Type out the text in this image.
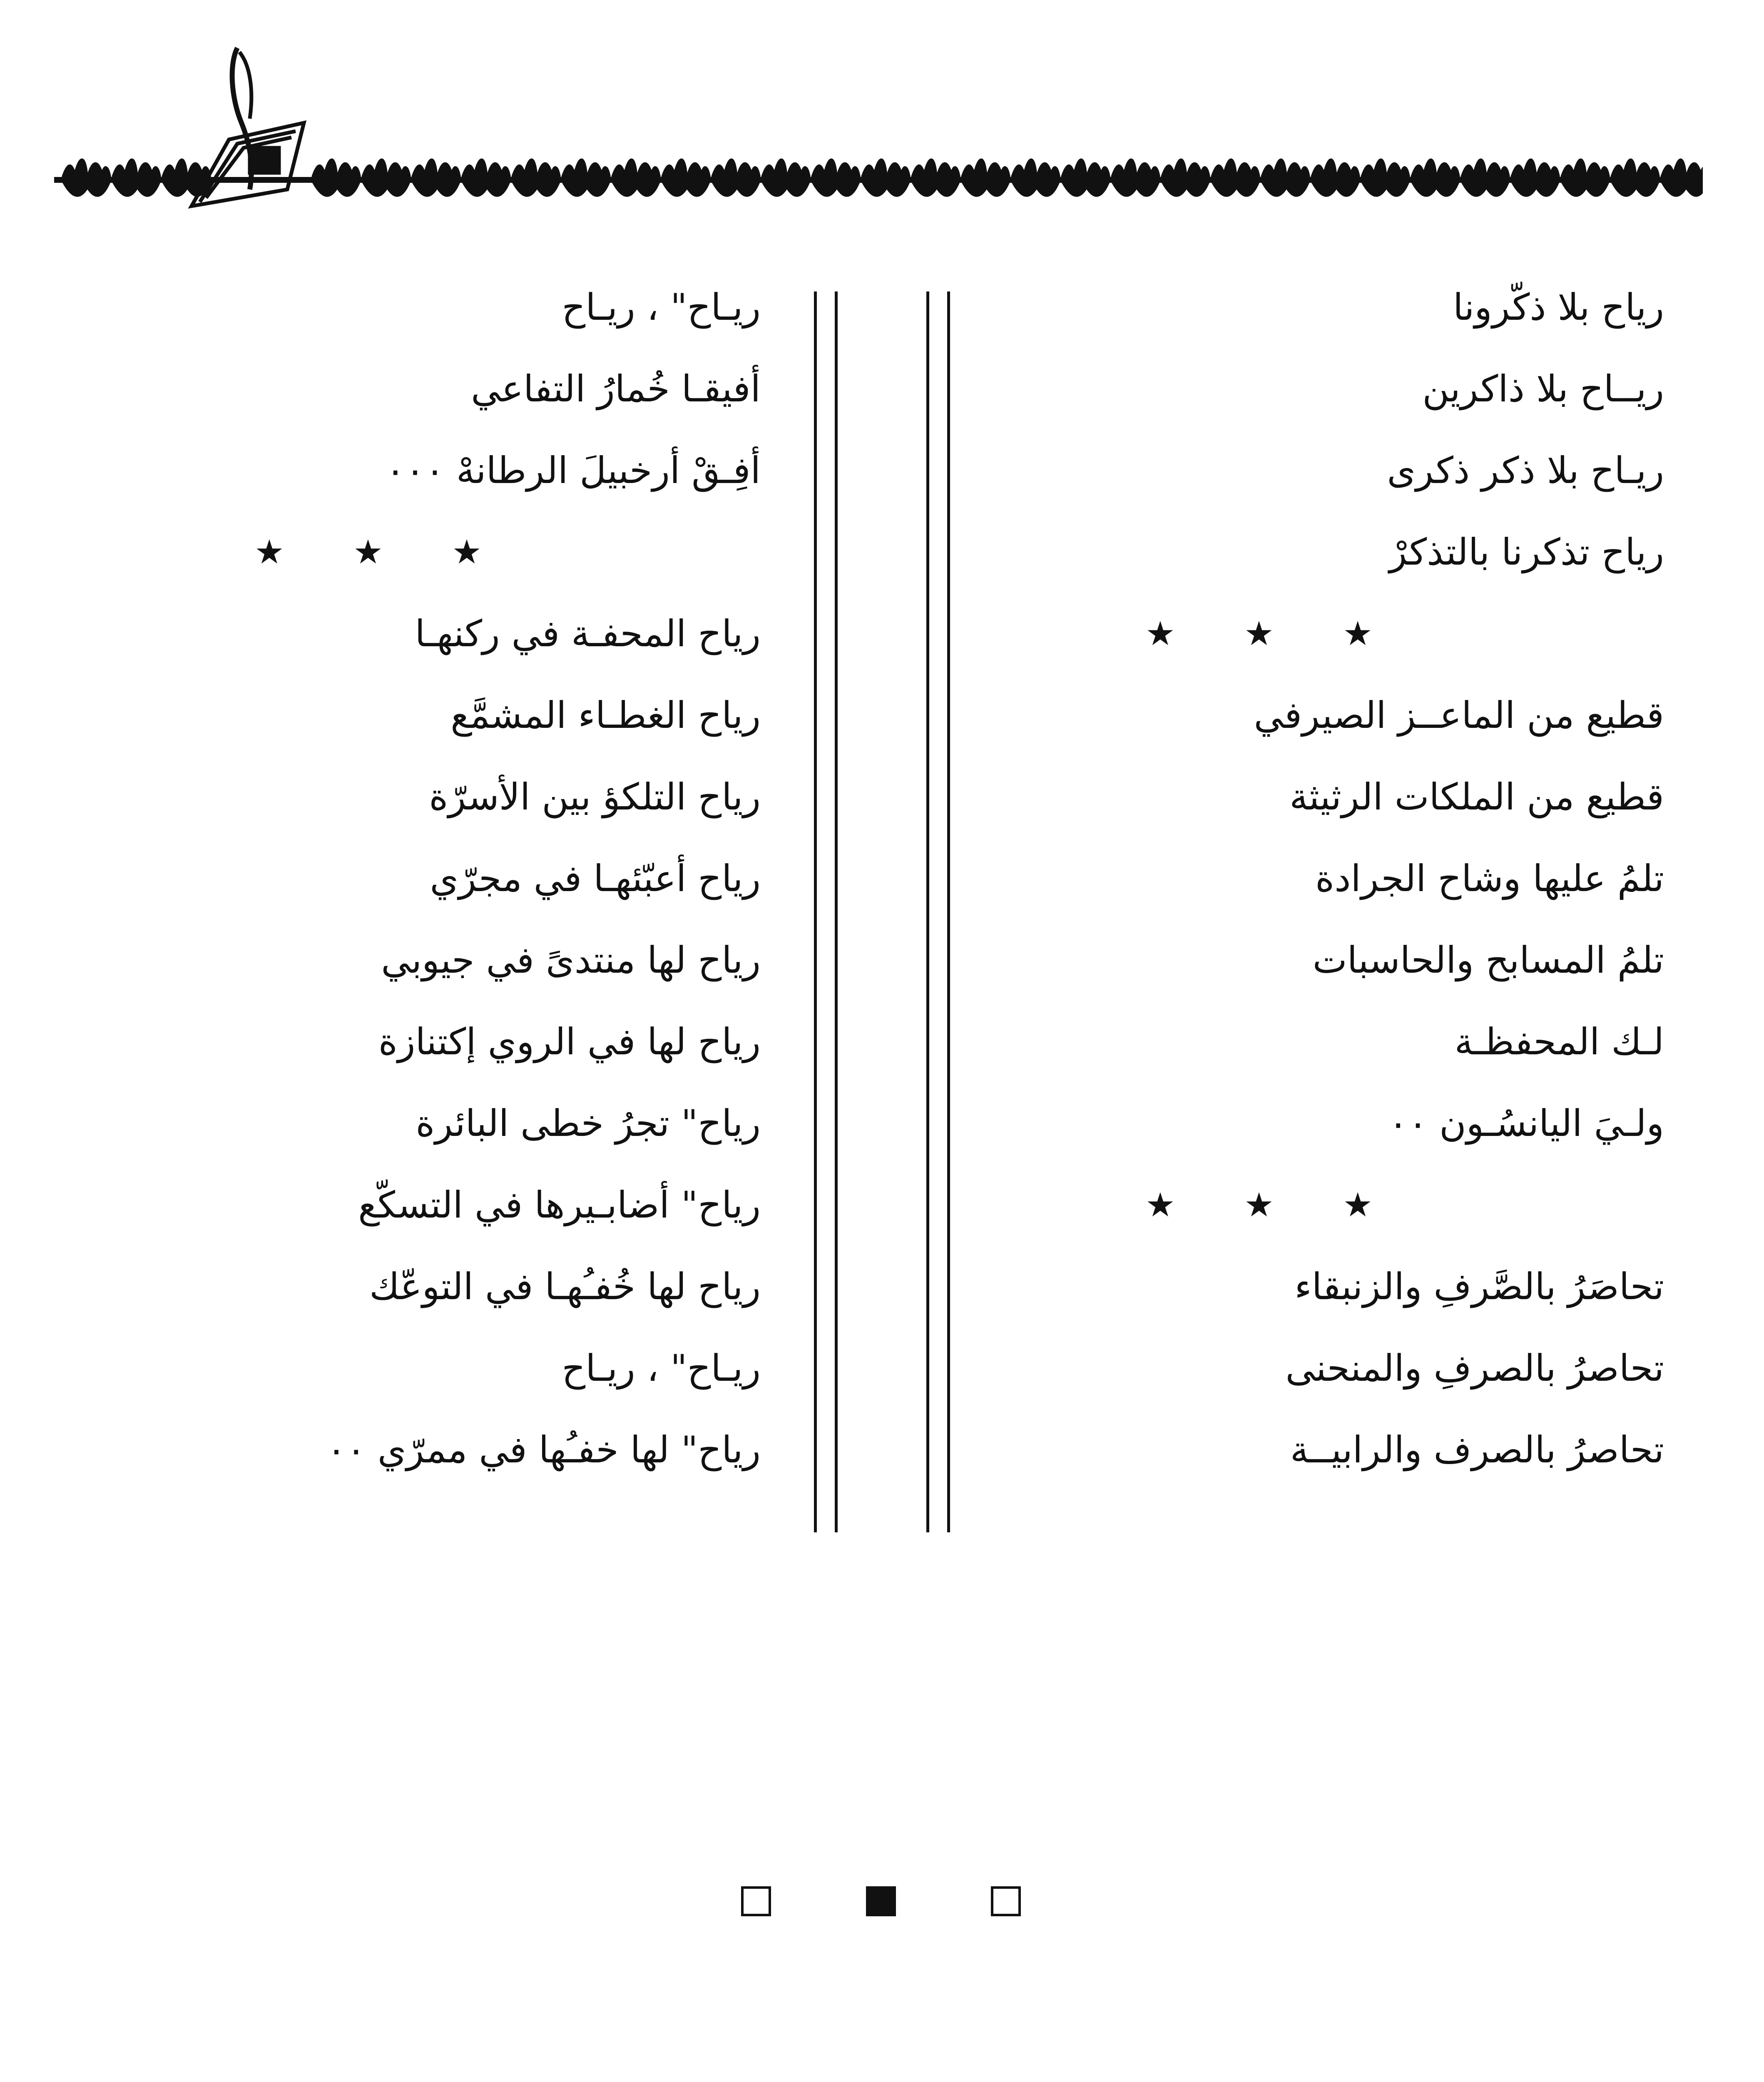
رياح بلا ذكّرونا
ريــاح بلا ذاكرين
ريـاح بلا ذكر ذكرى
رياح تذكرنا بالتذكرْ
★ ★ ★
قطيع من الماعــز الصيرفي
قطيع من الملكات الرثيثة
تلمُ عليها وشاح الجرادة
تلمُ المسابح والحاسبات
لـك المحفظـة
ولـيَ اليانسُـون ٠٠
★ ★ ★
تحاصَرُ بالصَّرفِ والزنبقاء
تحاصرُ بالصرفِ والمنحنى
تحاصرُ بالصرف والرابيــة
ريـاح" ، ريـاح
أفيقـا خُمارُ التفاعي
أفِـقْ أرخبيلَ الرطانهْ ٠٠٠
★ ★ ★
رياح المحفـة في ركنهـا
رياح الغطـاء المشمَّع
رياح التلكؤ بين الأسرّة
رياح أعبّئهـا في مجرّي
رياح لها منتدىً في جيوبي
رياح لها في الروي إكتنازة
رياح" تجرُ خطى البائرة
رياح" أضابـيرها في التسكّع
رياح لها خُفـُهـا في التوعّك
ريـاح" ، ريـاح
رياح" لها خفـُها في ممرّي ٠٠
